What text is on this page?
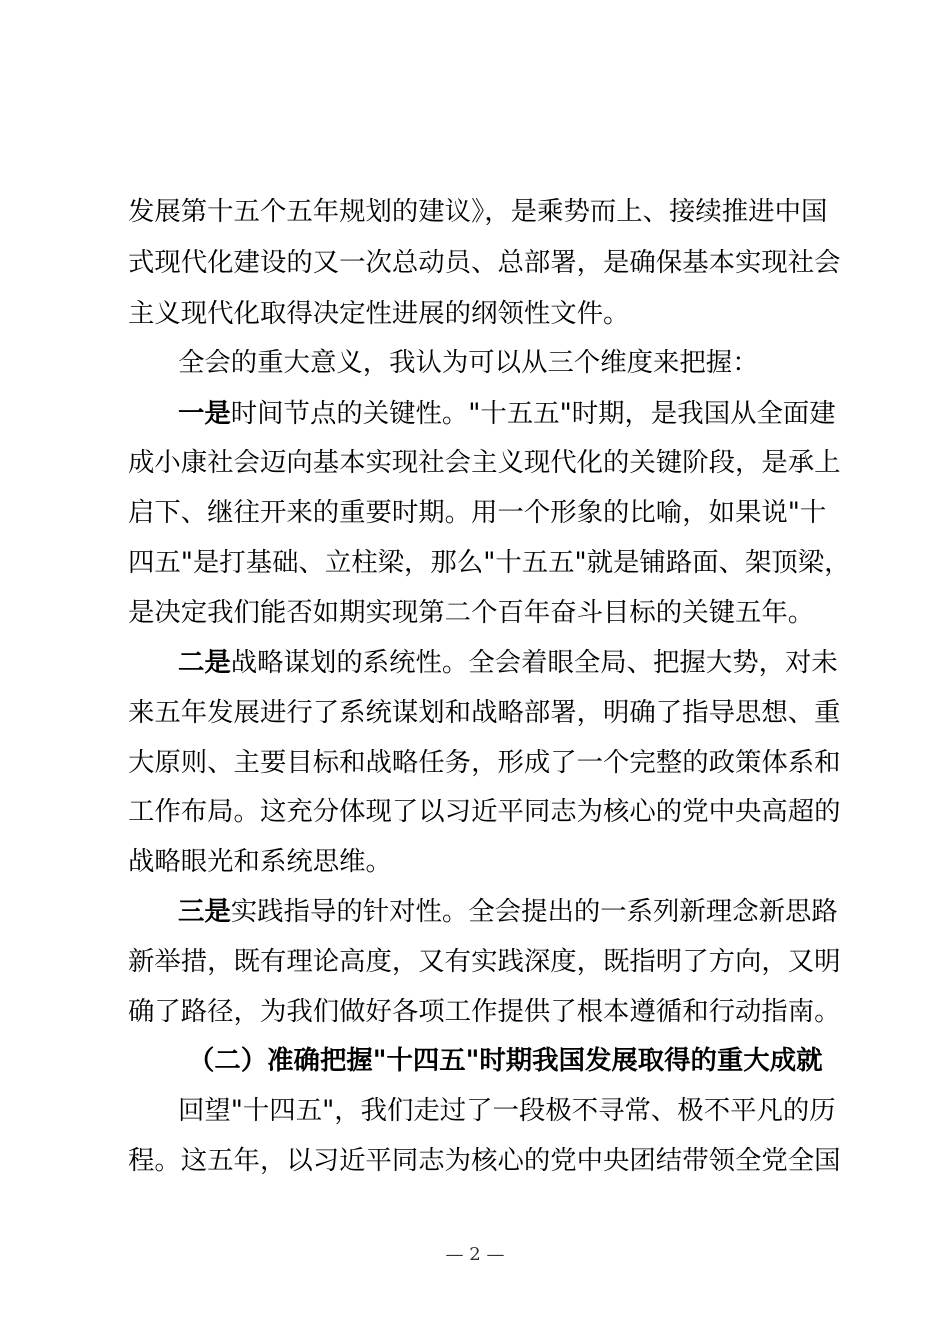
发展第十五个五年规划的建议》，是乘势而上、接续推进中国
式现代化建设的又一次总动员、总部署，是确保基本实现社会
主义现代化取得决定性进展的纲领性文件。
全会的重大意义，我认为可以从三个维度来把握：
一是时间节点的关键性。"十五五"时期，是我国从全面建
成小康社会迈向基本实现社会主义现代化的关键阶段，是承上
启下、继往开来的重要时期。用一个形象的比喻，如果说"十
四五"是打基础、立柱梁，那么"十五五"就是铺路面、架顶梁，
是决定我们能否如期实现第二个百年奋斗目标的关键五年。
二是战略谋划的系统性。全会着眼全局、把握大势，对未
来五年发展进行了系统谋划和战略部署，明确了指导思想、重
大原则、主要目标和战略任务，形成了一个完整的政策体系和
工作布局。这充分体现了以习近平同志为核心的党中央高超的
战略眼光和系统思维。
三是实践指导的针对性。全会提出的一系列新理念新思路
新举措，既有理论高度，又有实践深度，既指明了方向，又明
确了路径，为我们做好各项工作提供了根本遵循和行动指南。
（二）准确把握"十四五"时期我国发展取得的重大成就
回望"十四五"，我们走过了一段极不寻常、极不平凡的历
程。这五年，以习近平同志为核心的党中央团结带领全党全国
— 2 —
